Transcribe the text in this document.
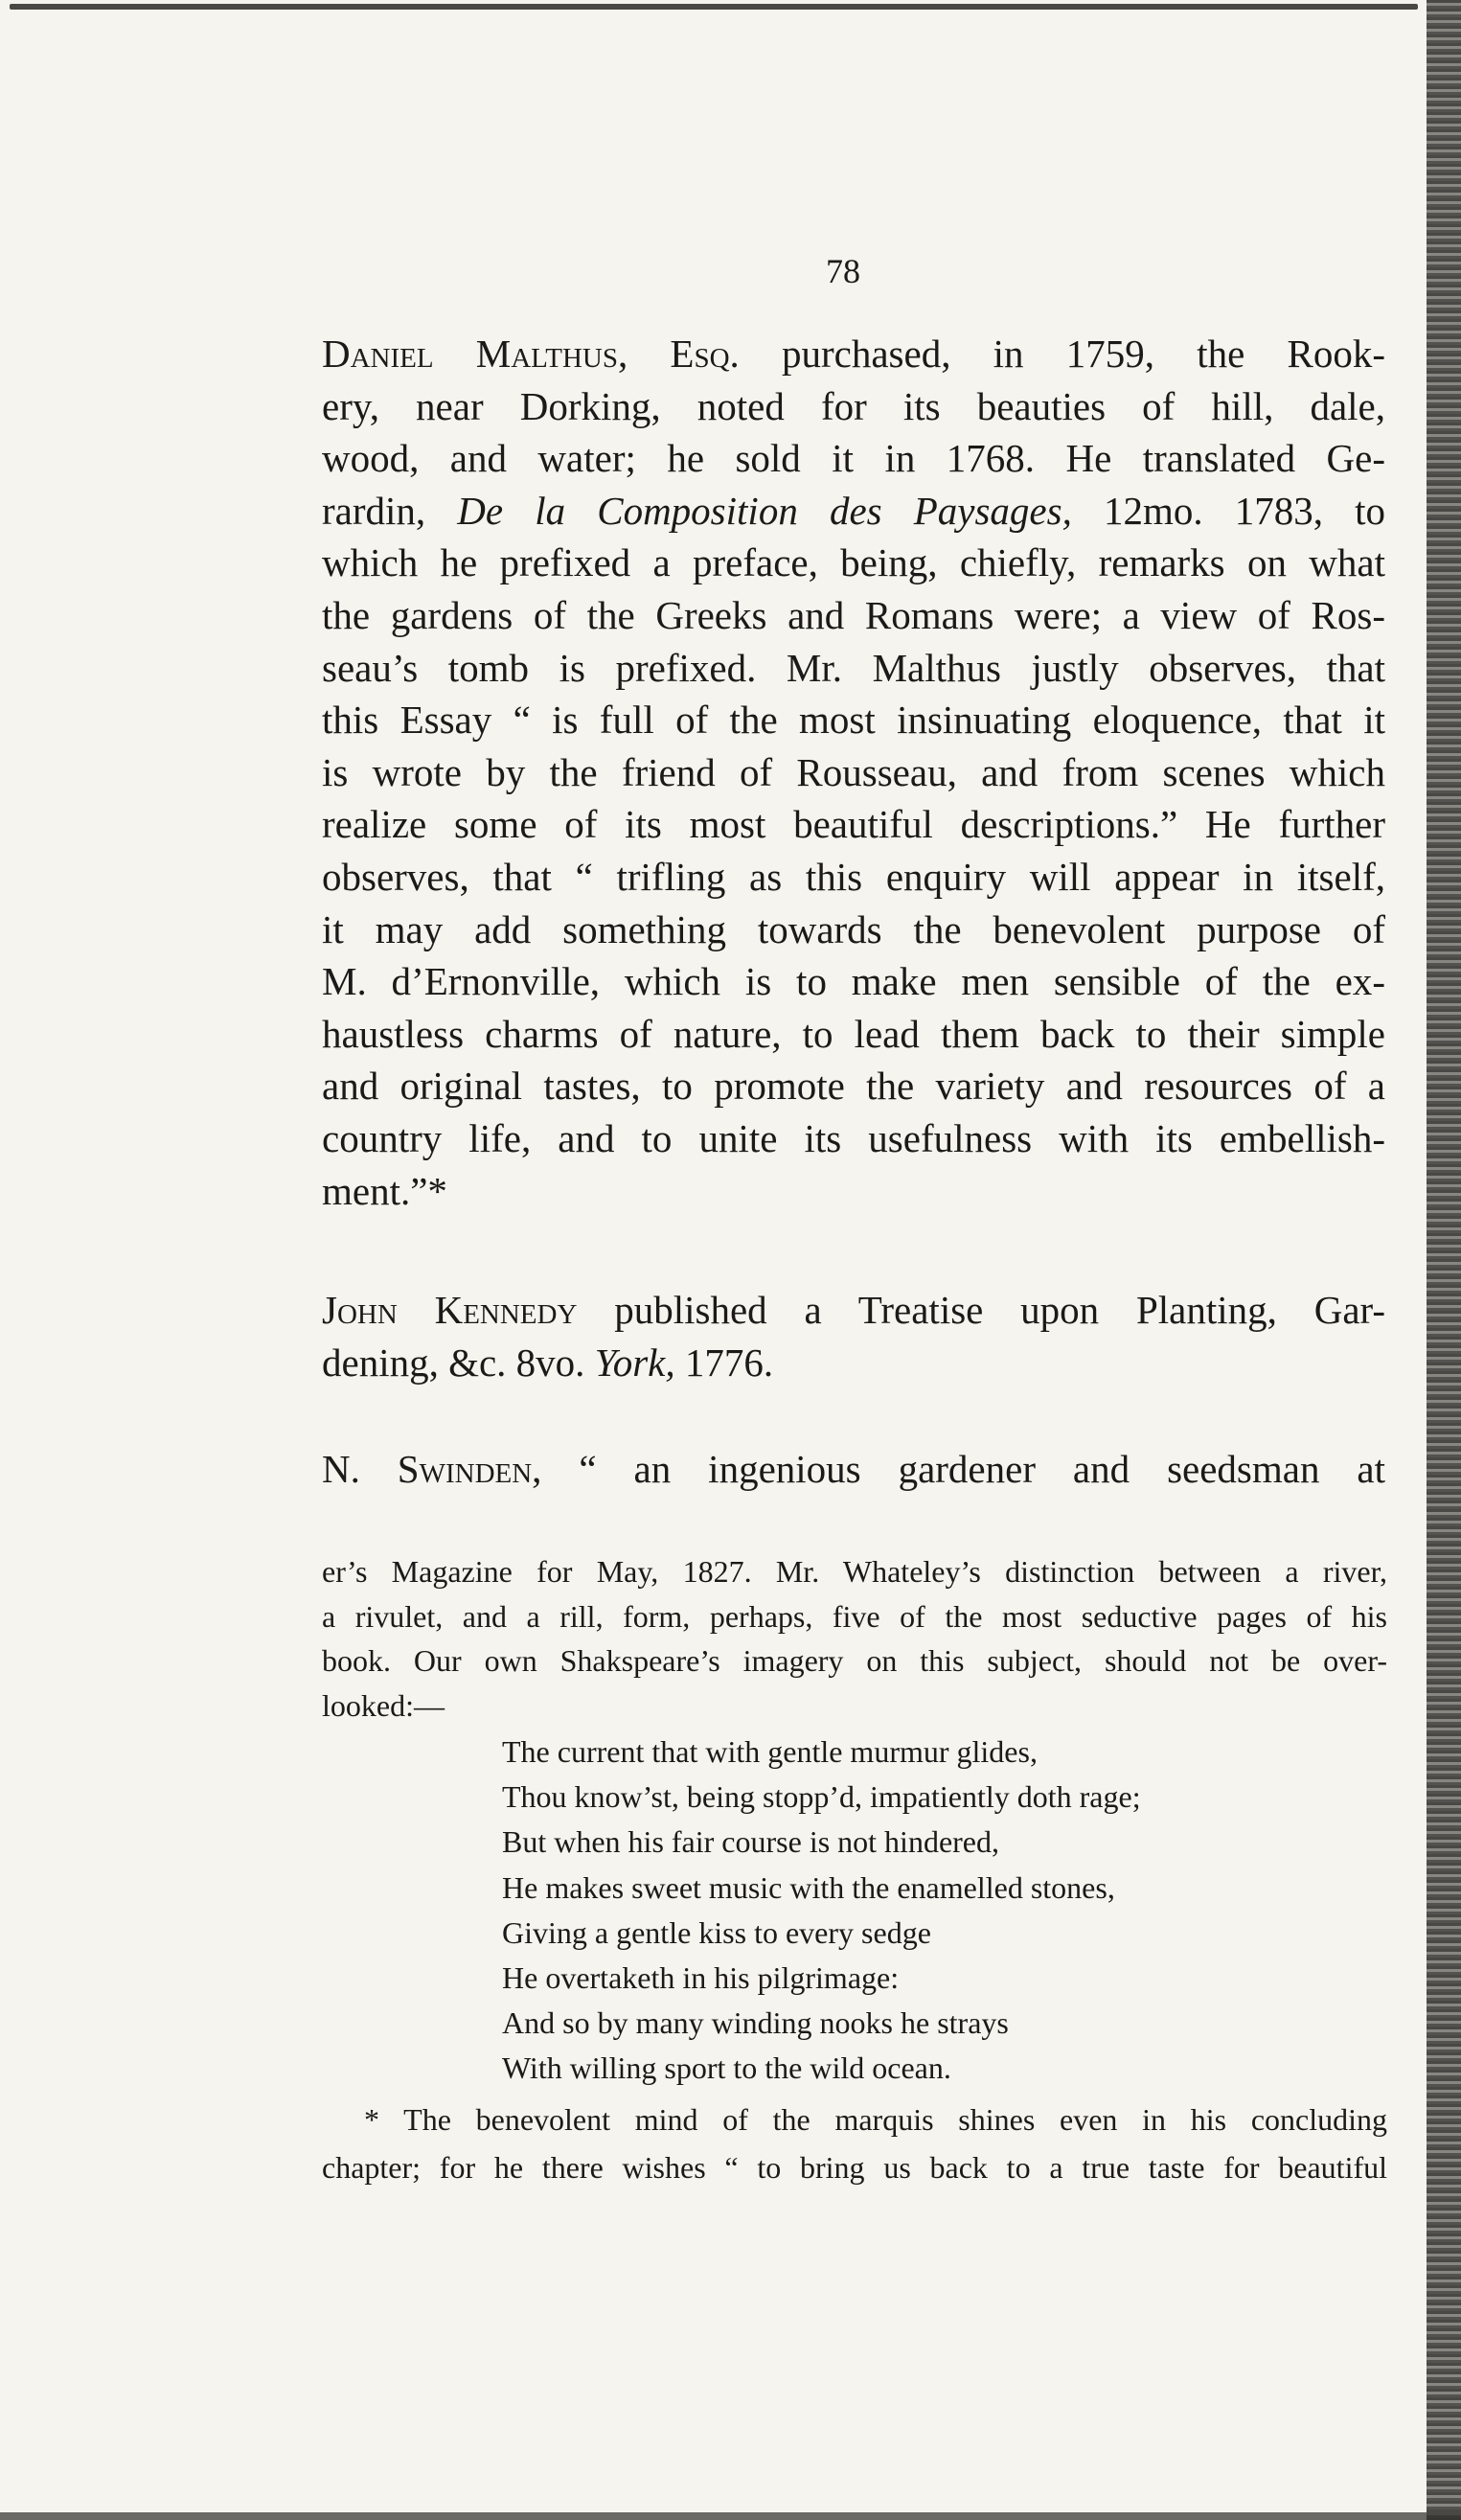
78
Daniel Malthus, Esq. purchased, in 1759, the Rook-
ery, near Dorking, noted for its beauties of hill, dale,
wood, and water; he sold it in 1768. He translated Ge-
rardin, De la Composition des Paysages, 12mo. 1783, to
which he prefixed a preface, being, chiefly, remarks on what
the gardens of the Greeks and Romans were; a view of Ros-
seau’s tomb is prefixed. Mr. Malthus justly observes, that
this Essay “ is full of the most insinuating eloquence, that it
is wrote by the friend of Rousseau, and from scenes which
realize some of its most beautiful descriptions.” He further
observes, that “ trifling as this enquiry will appear in itself,
it may add something towards the benevolent purpose of
M. d’Ernonville, which is to make men sensible of the ex-
haustless charms of nature, to lead them back to their simple
and original tastes, to promote the variety and resources of a
country life, and to unite its usefulness with its embellish-
ment.”*
John Kennedy published a Treatise upon Planting, Gar-
dening, &c. 8vo. York, 1776.
N. Swinden, “ an ingenious gardener and seedsman at
er’s Magazine for May, 1827. Mr. Whateley’s distinction between a river,
a rivulet, and a rill, form, perhaps, five of the most seductive pages of his
book. Our own Shakspeare’s imagery on this subject, should not be over-
looked:—
The current that with gentle murmur glides,
Thou know’st, being stopp’d, impatiently doth rage;
But when his fair course is not hindered,
He makes sweet music with the enamelled stones,
Giving a gentle kiss to every sedge
He overtaketh in his pilgrimage:
And so by many winding nooks he strays
With willing sport to the wild ocean.
* The benevolent mind of the marquis shines even in his concluding
chapter; for he there wishes “ to bring us back to a true taste for beautiful
